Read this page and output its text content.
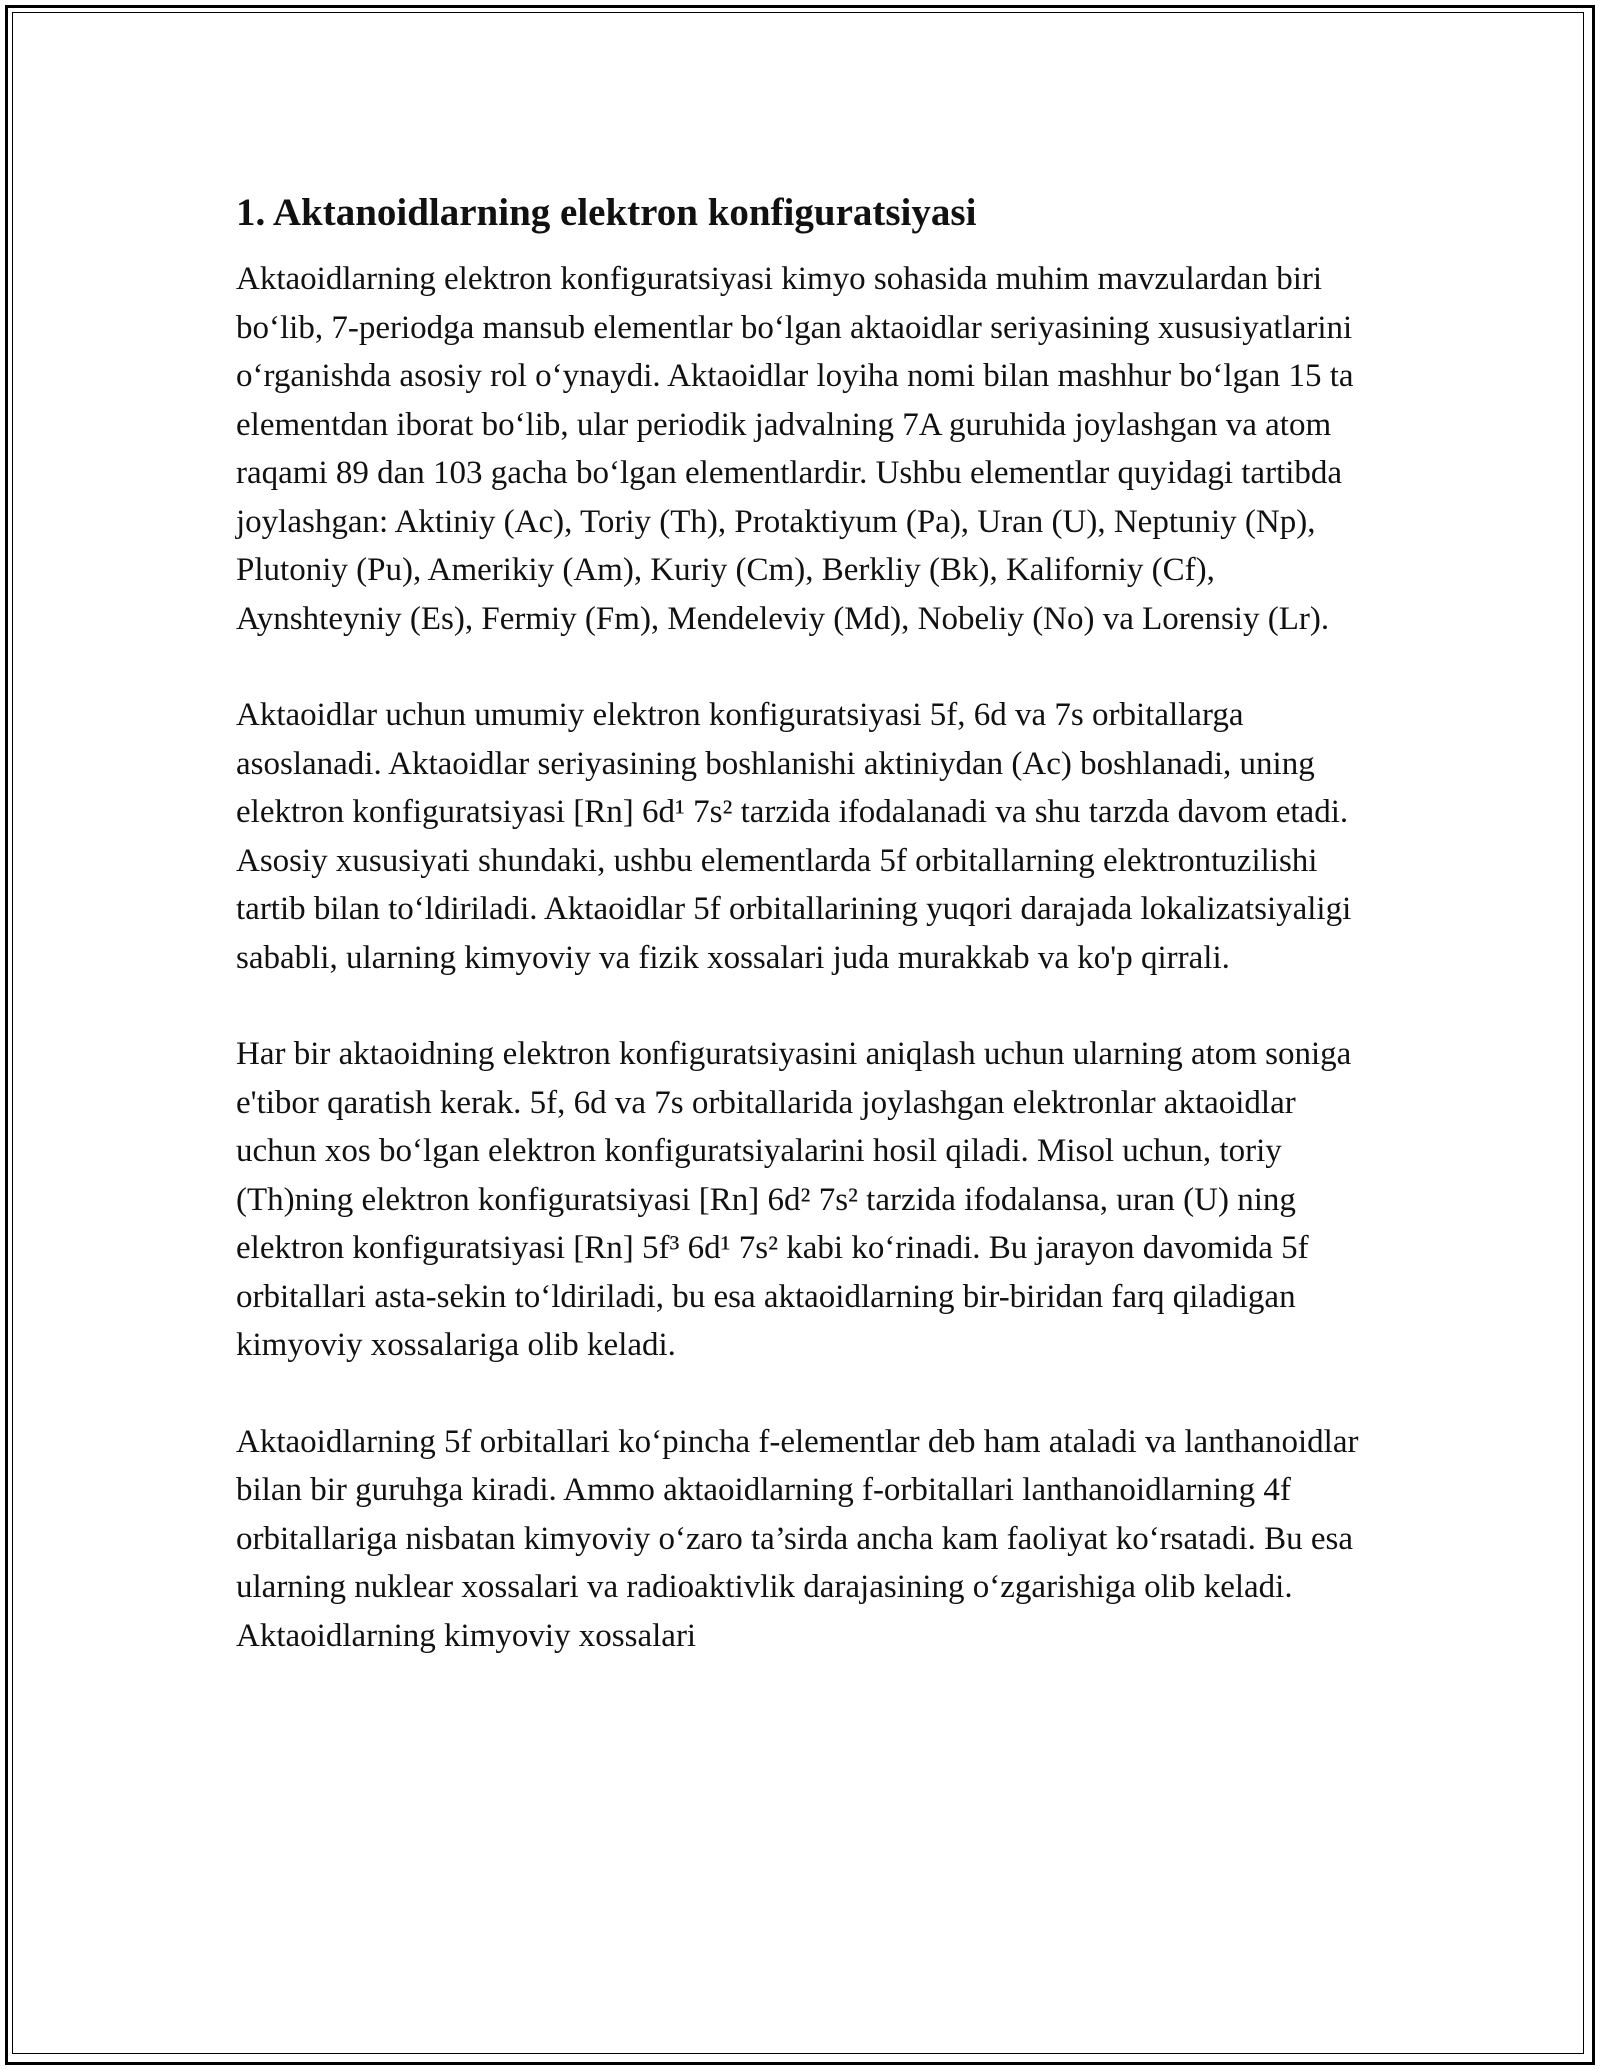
1. Aktanoidlarning elektron konfiguratsiyasi

Aktaoidlarning elektron konfiguratsiyasi kimyo sohasida muhim mavzulardan biri bo‘lib, 7-periodga mansub elementlar bo‘lgan aktaoidlar seriyasining xususiyatlarini o‘rganishda asosiy rol o‘ynaydi. Aktaoidlar loyiha nomi bilan mashhur bo‘lgan 15 ta elementdan iborat bo‘lib, ular periodik jadvalning 7A guruhida joylashgan va atom raqami 89 dan 103 gacha bo‘lgan elementlardir. Ushbu elementlar quyidagi tartibda joylashgan: Aktiniy (Ac), Toriy (Th), Protaktiyum (Pa), Uran (U), Neptuniy (Np), Plutoniy (Pu), Amerikiy (Am), Kuriy (Cm), Berkliy (Bk), Kaliforniy (Cf), Aynshteyniy (Es), Fermiy (Fm), Mendeleviy (Md), Nobeliy (No) va Lorensiy (Lr).

Aktaoidlar uchun umumiy elektron konfiguratsiyasi 5f, 6d va 7s orbitallarga asoslanadi. Aktaoidlar seriyasining boshlanishi aktiniydan (Ac) boshlanadi, uning elektron konfiguratsiyasi [Rn] 6d¹ 7s² tarzida ifodalanadi va shu tarzda davom etadi. Asosiy xususiyati shundaki, ushbu elementlarda 5f orbitallarning elektrontuzilishi tartib bilan to‘ldiriladi. Aktaoidlar 5f orbitallarining yuqori darajada lokalizatsiyaligi sababli, ularning kimyoviy va fizik xossalari juda murakkab va ko'p qirrali.

Har bir aktaoidning elektron konfiguratsiyasini aniqlash uchun ularning atom soniga e'tibor qaratish kerak. 5f, 6d va 7s orbitallarida joylashgan elektronlar aktaoidlar uchun xos bo‘lgan elektron konfiguratsiyalarini hosil qiladi. Misol uchun, toriy (Th)ning elektron konfiguratsiyasi [Rn] 6d² 7s² tarzida ifodalansa, uran (U) ning elektron konfiguratsiyasi [Rn] 5f³ 6d¹ 7s² kabi ko‘rinadi. Bu jarayon davomida 5f orbitallari asta-sekin to‘ldiriladi, bu esa aktaoidlarning bir-biridan farq qiladigan kimyoviy xossalariga olib keladi.

Aktaoidlarning 5f orbitallari ko‘pincha f-elementlar deb ham ataladi va lanthanoidlar bilan bir guruhga kiradi. Ammo aktaoidlarning f-orbitallari lanthanoidlarning 4f orbitallariga nisbatan kimyoviy o‘zaro ta’sirda ancha kam faoliyat ko‘rsatadi. Bu esa ularning nuklear xossalari va radioaktivlik darajasining o‘zgarishiga olib keladi. Aktaoidlarning kimyoviy xossalari
